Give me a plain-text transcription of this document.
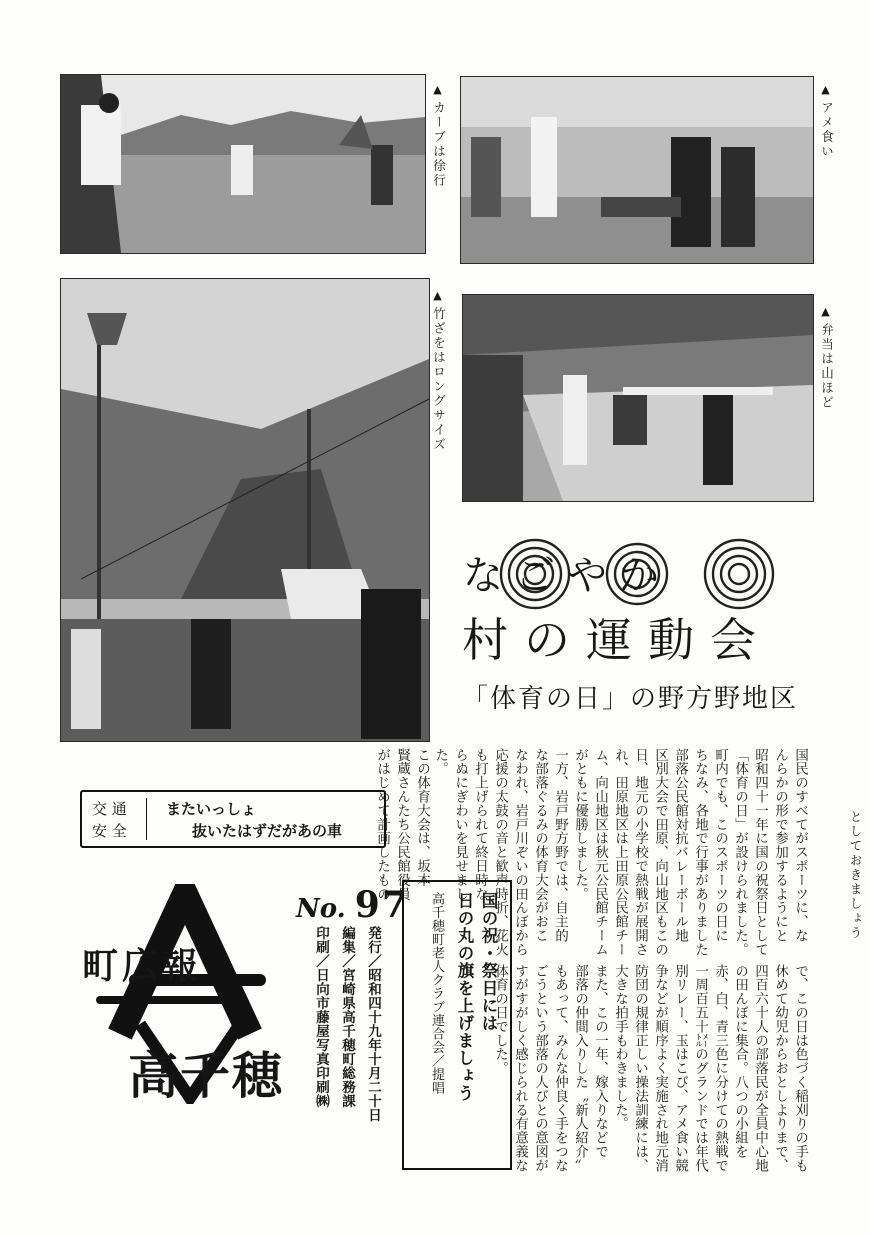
▲カーブは徐行
▲アメ食い
▲竹ざをはロングサイズ	▲弁当は山ほど
なごやか
村の運動会
「体育の日」の野方野地区
国民のすべてがスポーツに、な
んらかの形で参加するようにと
昭和四十一年に国の祝祭日として
「体育の日」が設けられました。
町内でも、このスポーツの日に
ちなみ、各地で行事がありました
部落公民館対抗バレーボール地
区別大会で田原、向山地区もこの
日、地元の小学校で熱戦が展開さ
れ、田原地区は上田原公民館チー
ム、向山地区は秋元公民館チーム
がともに優勝しました。
一方、岩戸野方野では、自主的
な部落ぐるみの体育大会がおこ
なわれ、岩戸川ぞいの田んぼから
応援の太鼓の音と歓声時折、花火
も打上げられて終日時な
らぬにぎわいを見せまし
た。
この体育大会は、坂本
賢蔵さんたち公民館役員
がはじめて計画したもの
で、この日は色づく稲刈りの手も
休めて幼児からおとしよりまで、
四百六十人の部落民が全員中心地
の田んぼに集合。八つの小組を
赤、白、青三色に分けての熱戦で
一周百五十㍍のグランドでは年代
別リレー、玉はこび、アメ食い競
争などが順序よく実施され地元消
防団の規律正しい操法訓練には、
大きな拍手もわきました。
また、この一年、嫁入りなどで
部落の仲間入りした〝新人紹介〟
もあって、みんな仲良く手をつな
ごうという部落の人びとの意図が
すがすがしく感じられる有意義な
体育の日でした。
としておきましょう
交 通
安 全
またいっしょ
抜いたはずだがあの車
No. 97
発行／昭和四十九年十月二十日
編集／宮崎県高千穂町総務課
印刷／日向市藤屋写真印刷㈱	国の祝・祭日には
日の丸の旗を上げましょう
高千穂町老人クラブ連合会／提唱
町広報
高千穂
